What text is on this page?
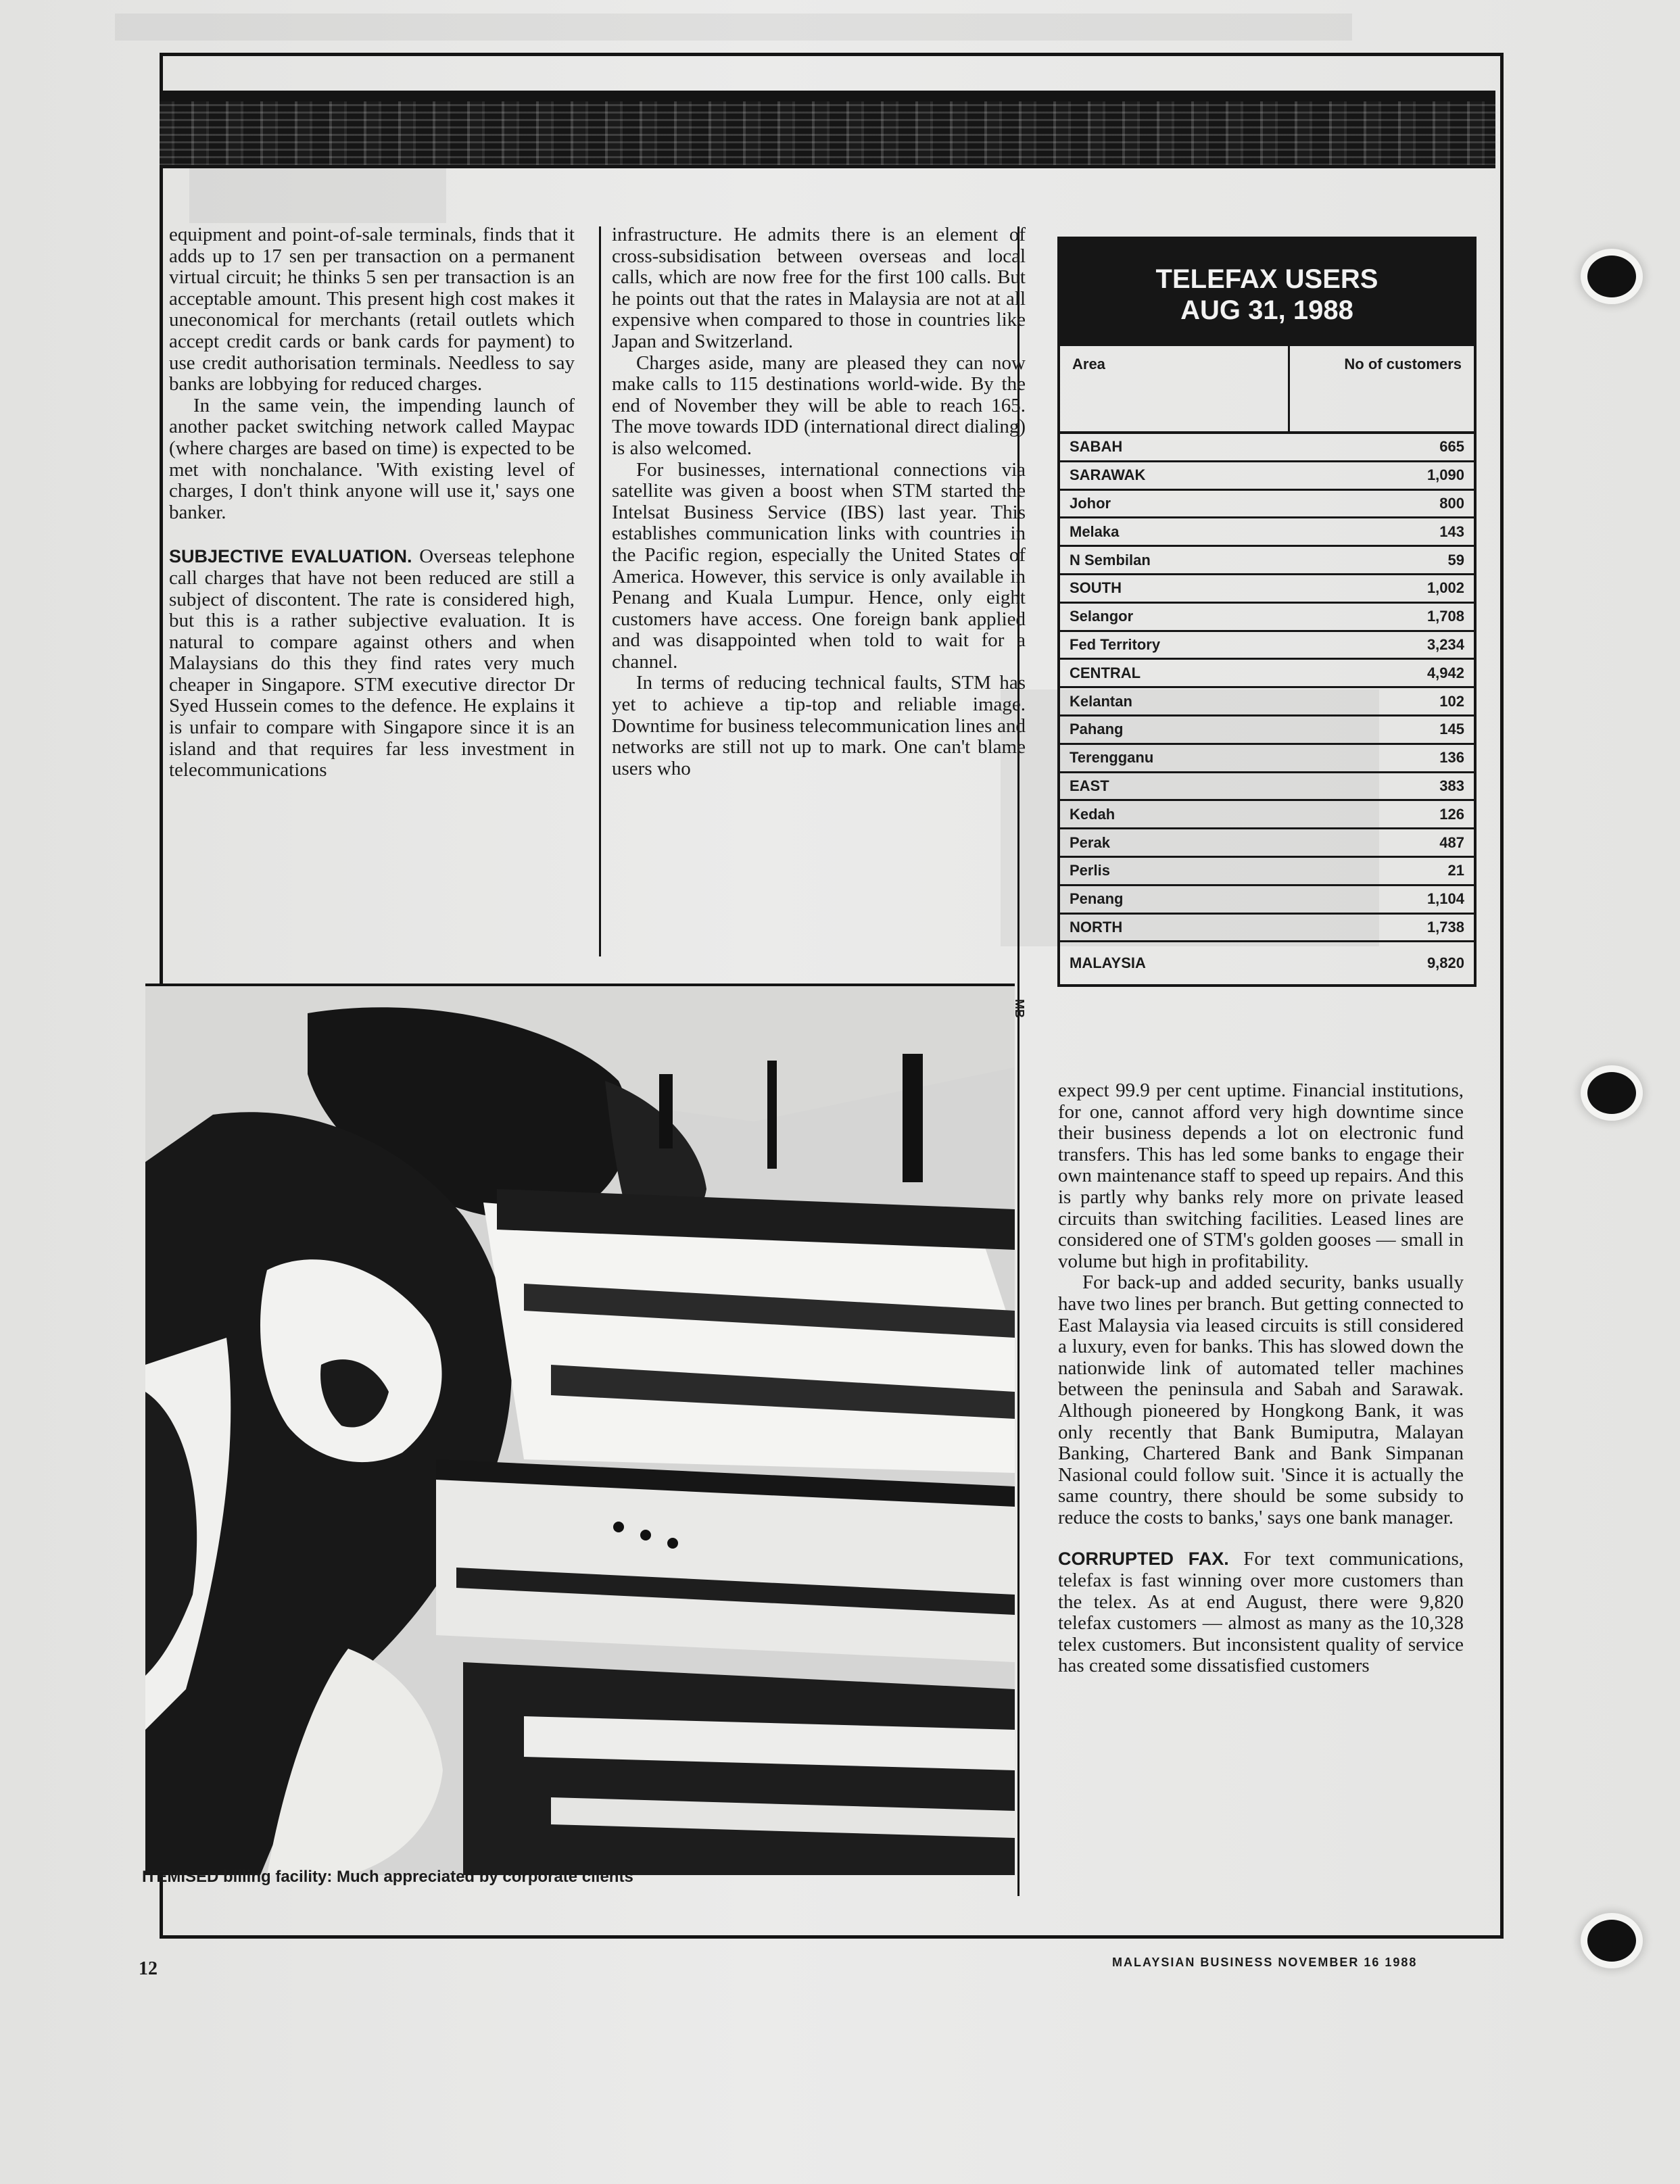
equipment and point-of-sale terminals, finds that it adds up to 17 sen per transaction on a permanent virtual circuit; he thinks 5 sen per transaction is an acceptable amount. This present high cost makes it uneconomical for merchants (retail outlets which accept credit cards or bank cards for payment) to use credit authorisation terminals. Needless to say banks are lobbying for reduced charges.

In the same vein, the impending launch of another packet switching network called Maypac (where charges are based on time) is expected to be met with nonchalance. 'With existing level of charges, I don't think anyone will use it,' says one banker.

SUBJECTIVE EVALUATION. Overseas telephone call charges that have not been reduced are still a subject of discontent. The rate is considered high, but this is a rather subjective evaluation. It is natural to compare against others and when Malaysians do this they find rates very much cheaper in Singapore. STM executive director Dr Syed Hussein comes to the defence. He explains it is unfair to compare with Singapore since it is an island and that requires far less investment in telecommunications

infrastructure. He admits there is an element of cross-subsidisation between overseas and local calls, which are now free for the first 100 calls. But he points out that the rates in Malaysia are not at all expensive when compared to those in countries like Japan and Switzerland.

Charges aside, many are pleased they can now make calls to 115 destinations world-wide. By the end of November they will be able to reach 165. The move towards IDD (international direct dialing) is also welcomed.

For businesses, international connections via satellite was given a boost when STM started the Intelsat Business Service (IBS) last year. This establishes communication links with countries in the Pacific region, especially the United States of America. However, this service is only available in Penang and Kuala Lumpur. Hence, only eight customers have access. One foreign bank applied and was disappointed when told to wait for a channel.

In terms of reducing technical faults, STM has yet to achieve a tip-top and reliable image. Downtime for business telecommunication lines and networks are still not up to mark. One can't blame users who

TELEFAX USERS
AUG 31, 1988
Area	No of customers
SABAH	665
SARAWAK	1,090
Johor	800
Melaka	143
N Sembilan	59
SOUTH	1,002
Selangor	1,708
Fed Territory	3,234
CENTRAL	4,942
Kelantan	102
Pahang	145
Terengganu	136
EAST	383
Kedah	126
Perak	487
Perlis	21
Penang	1,104
NORTH	1,738
MALAYSIA	9,820

expect 99.9 per cent uptime. Financial institutions, for one, cannot afford very high downtime since their business depends a lot on electronic fund transfers. This has led some banks to engage their own maintenance staff to speed up repairs. And this is partly why banks rely more on private leased circuits than switching facilities. Leased lines are considered one of STM's golden gooses — small in volume but high in profitability.

For back-up and added security, banks usually have two lines per branch. But getting connected to East Malaysia via leased circuits is still considered a luxury, even for banks. This has slowed down the nationwide link of automated teller machines between the peninsula and Sabah and Sarawak. Although pioneered by Hongkong Bank, it was only recently that Bank Bumiputra, Malayan Banking, Chartered Bank and Bank Simpanan Nasional could follow suit. 'Since it is actually the same country, there should be some subsidy to reduce the costs to banks,' says one bank manager.

CORRUPTED FAX. For text communications, telefax is fast winning over more customers than the telex. As at end August, there were 9,820 telefax customers — almost as many as the 10,328 telex customers. But inconsistent quality of service has created some dissatisfied customers

MB
ITEMISED billing facility: Much appreciated by corporate clients
12	MALAYSIAN BUSINESS NOVEMBER 16 1988
